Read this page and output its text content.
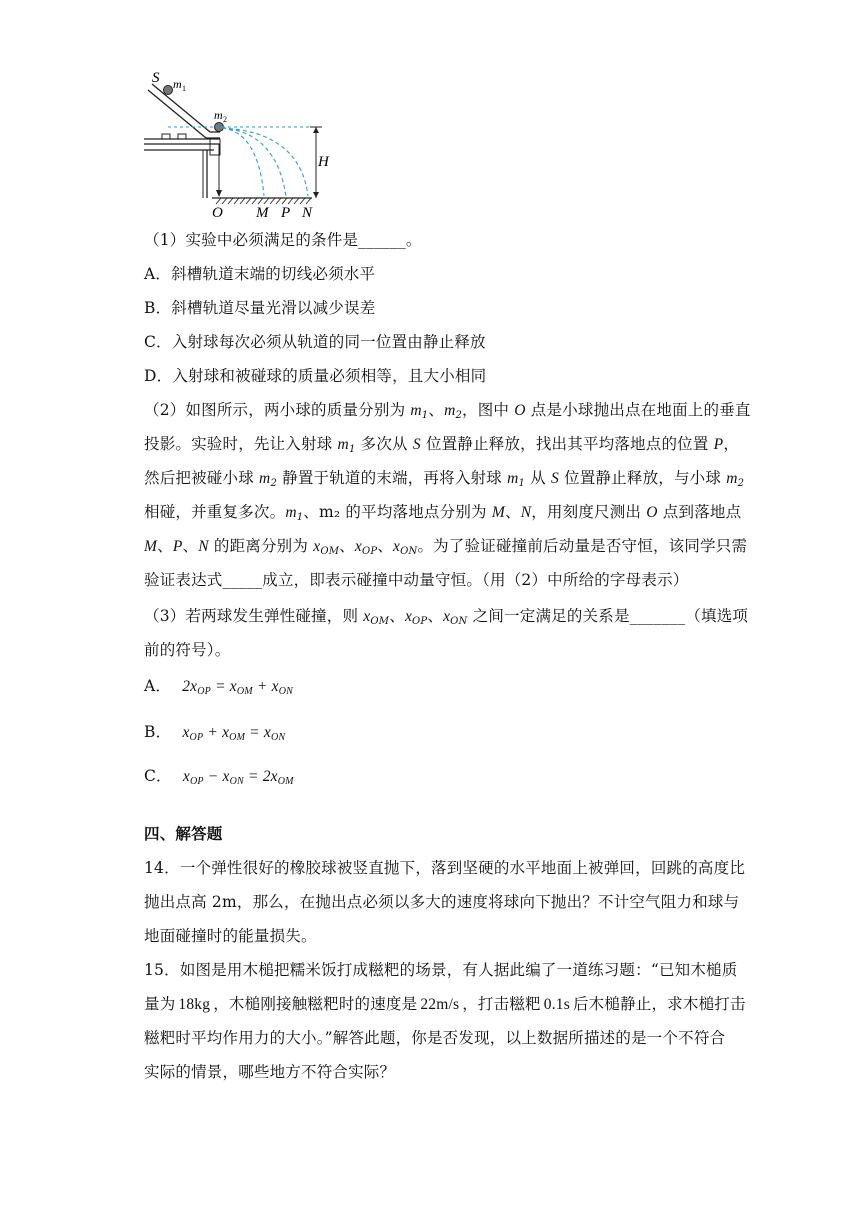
S m 1
m 2
H
O M P N
（1）实验中必须满足的条件是______。
A．斜槽轨道末端的切线必须水平
B．斜槽轨道尽量光滑以减少误差
C．入射球每次必须从轨道的同一位置由静止释放
D．入射球和被碰球的质量必须相等，且大小相同
（2）如图所示，两小球的质量分别为 $m_1$、$m_2$，图中 O 点是小球抛出点在地面上的垂直
投影。实验时，先让入射球 $m_1$ 多次从 S 位置静止释放，找出其平均落地点的位置 P，
然后把被碰小球 $m_2$ 静置于轨道的末端，再将入射球 $m_1$ 从 S 位置静止释放，与小球 $m_2$
相碰，并重复多次。$m_1$、m₂ 的平均落地点分别为 M、N，用刻度尺测出 O 点到落地点
M、P、N 的距离分别为 $x_{OM}$、$x_{OP}$、$x_{ON}$。为了验证碰撞前后动量是否守恒，该同学只需
验证表达式_____成立，即表示碰撞中动量守恒。（用（2）中所给的字母表示）
（3）若两球发生弹性碰撞，则 $x_{OM}$、$x_{OP}$、$x_{ON}$ 之间一定满足的关系是_______（填选项
前的符号）。
A． $2x_{OP} = x_{OM} + x_{ON}$
B． $x_{OP} + x_{OM} = x_{ON}$
C． $x_{OP} - x_{ON} = 2x_{OM}$
四、解答题
14．一个弹性很好的橡胶球被竖直抛下，落到坚硬的水平地面上被弹回，回跳的高度比
抛出点高 2m，那么，在抛出点必须以多大的速度将球向下抛出？不计空气阻力和球与
地面碰撞时的能量损失。
15．如图是用木槌把糯米饭打成糍粑的场景，有人据此编了一道练习题：“已知木槌质
量为 18kg ，木槌刚接触糍粑时的速度是 22m/s ，打击糍粑 0.1s 后木槌静止，求木槌打击
糍粑时平均作用力的大小。”解答此题，你是否发现，以上数据所描述的是一个不符合
实际的情景，哪些地方不符合实际？
